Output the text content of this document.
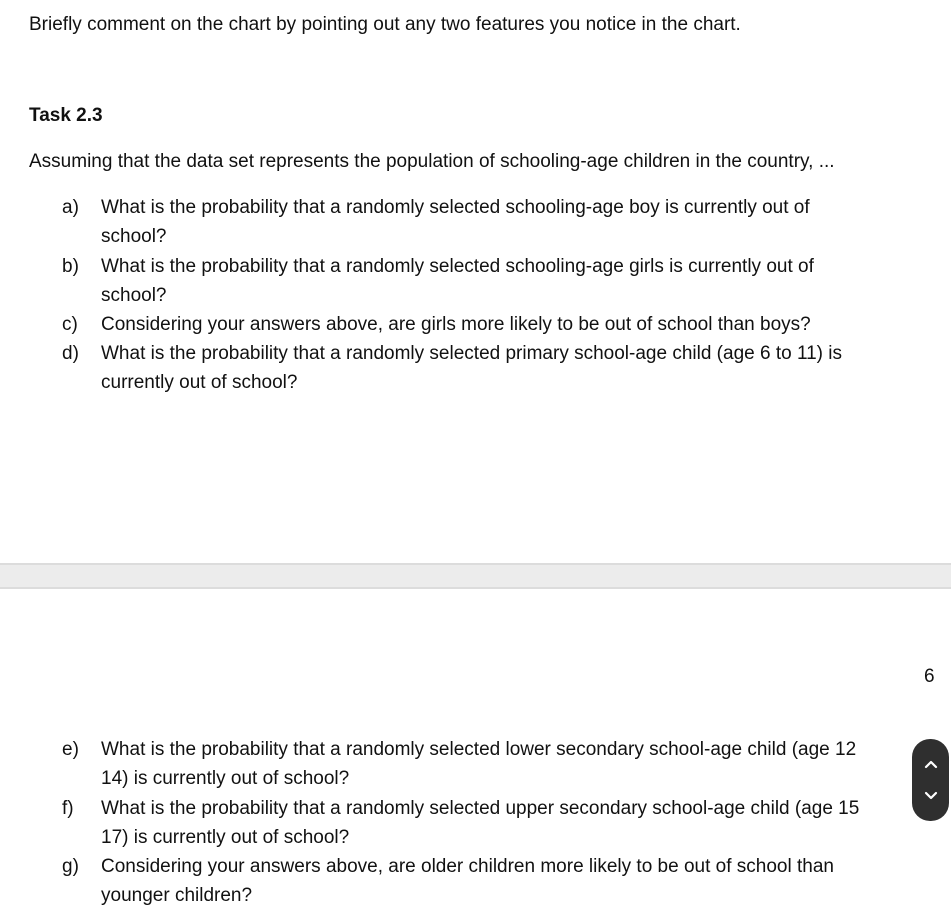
Briefly comment on the chart by pointing out any two features you notice in the chart.
Task 2.3
Assuming that the data set represents the population of schooling-age children in the country, ...
a) What is the probability that a randomly selected schooling-age boy is currently out of
school?
b) What is the probability that a randomly selected schooling-age girls is currently out of
school?
c) Considering your answers above, are girls more likely to be out of school than boys?
d) What is the probability that a randomly selected primary school-age child (age 6 to 11) is
currently out of school?
6
e) What is the probability that a randomly selected lower secondary school-age child (age 12
14) is currently out of school?
f) What is the probability that a randomly selected upper secondary school-age child (age 15
17) is currently out of school?
g) Considering your answers above, are older children more likely to be out of school than
younger children?
